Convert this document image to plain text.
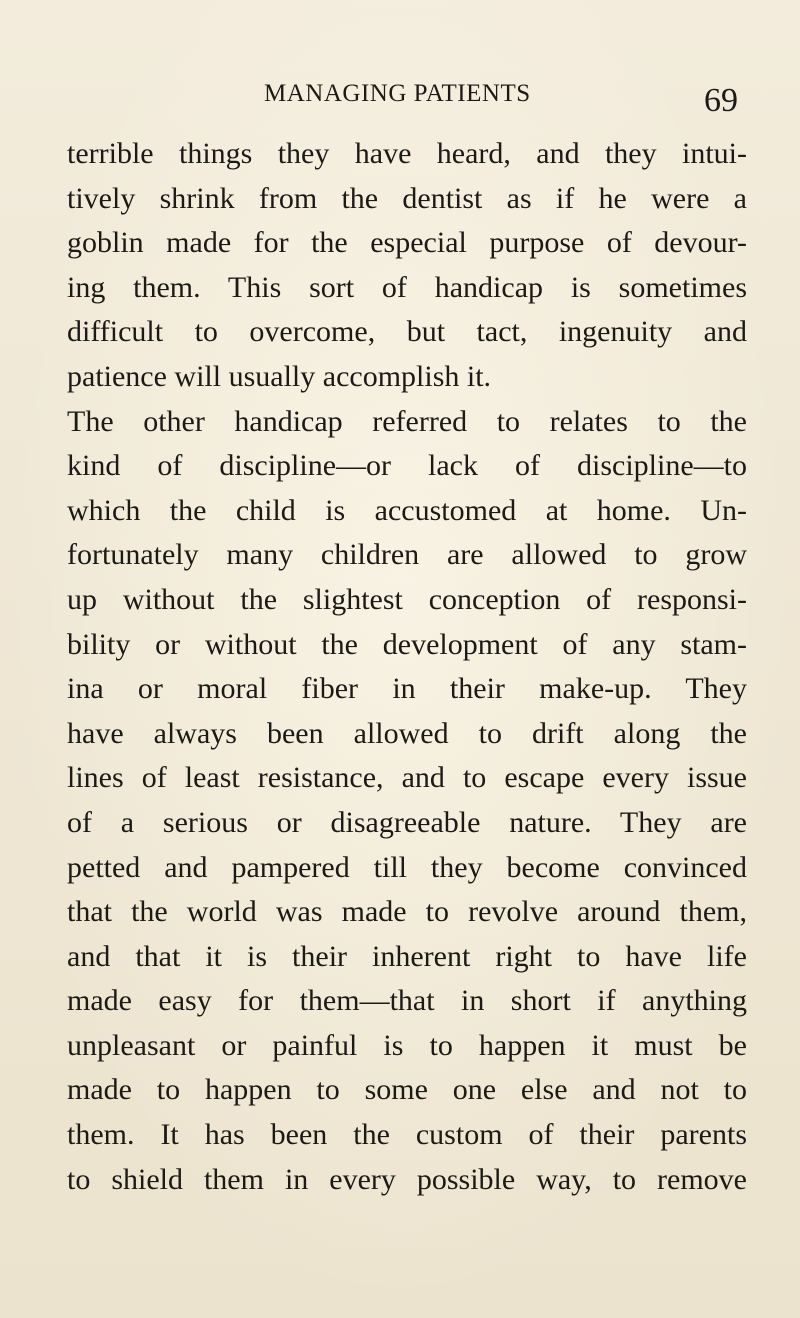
MANAGING PATIENTS	69
terrible things they have heard, and they intui-
tively shrink from the dentist as if he were a
goblin made for the especial purpose of devour-
ing them. This sort of handicap is sometimes
difficult to overcome, but tact, ingenuity and
patience will usually accomplish it.
The other handicap referred to relates to the
kind of discipline—or lack of discipline—to
which the child is accustomed at home. Un-
fortunately many children are allowed to grow
up without the slightest conception of responsi-
bility or without the development of any stam-
ina or moral fiber in their make-up. They
have always been allowed to drift along the
lines of least resistance, and to escape every issue
of a serious or disagreeable nature. They are
petted and pampered till they become convinced
that the world was made to revolve around them,
and that it is their inherent right to have life
made easy for them—that in short if anything
unpleasant or painful is to happen it must be
made to happen to some one else and not to
them. It has been the custom of their parents
to shield them in every possible way, to remove
